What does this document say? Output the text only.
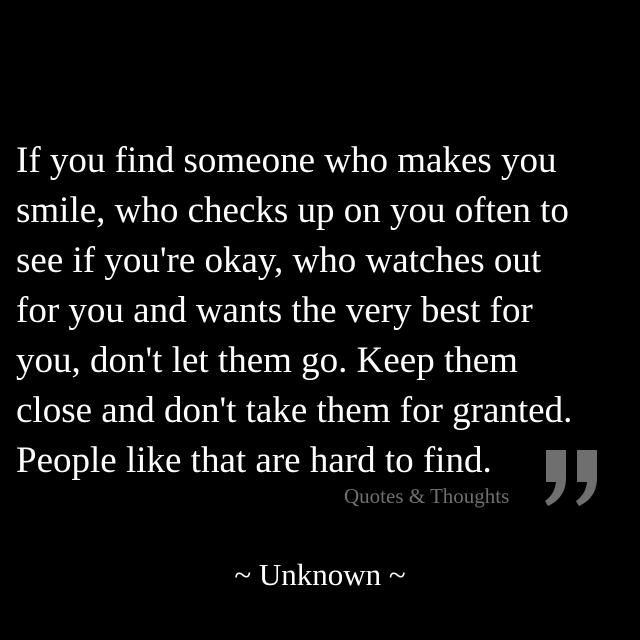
If you find someone who makes you
smile, who checks up on you often to
see if you're okay, who watches out
for you and wants the very best for
you, don't let them go. Keep them
close and don't take them for granted.
People like that are hard to find.
Quotes & Thoughts
~ Unknown ~
